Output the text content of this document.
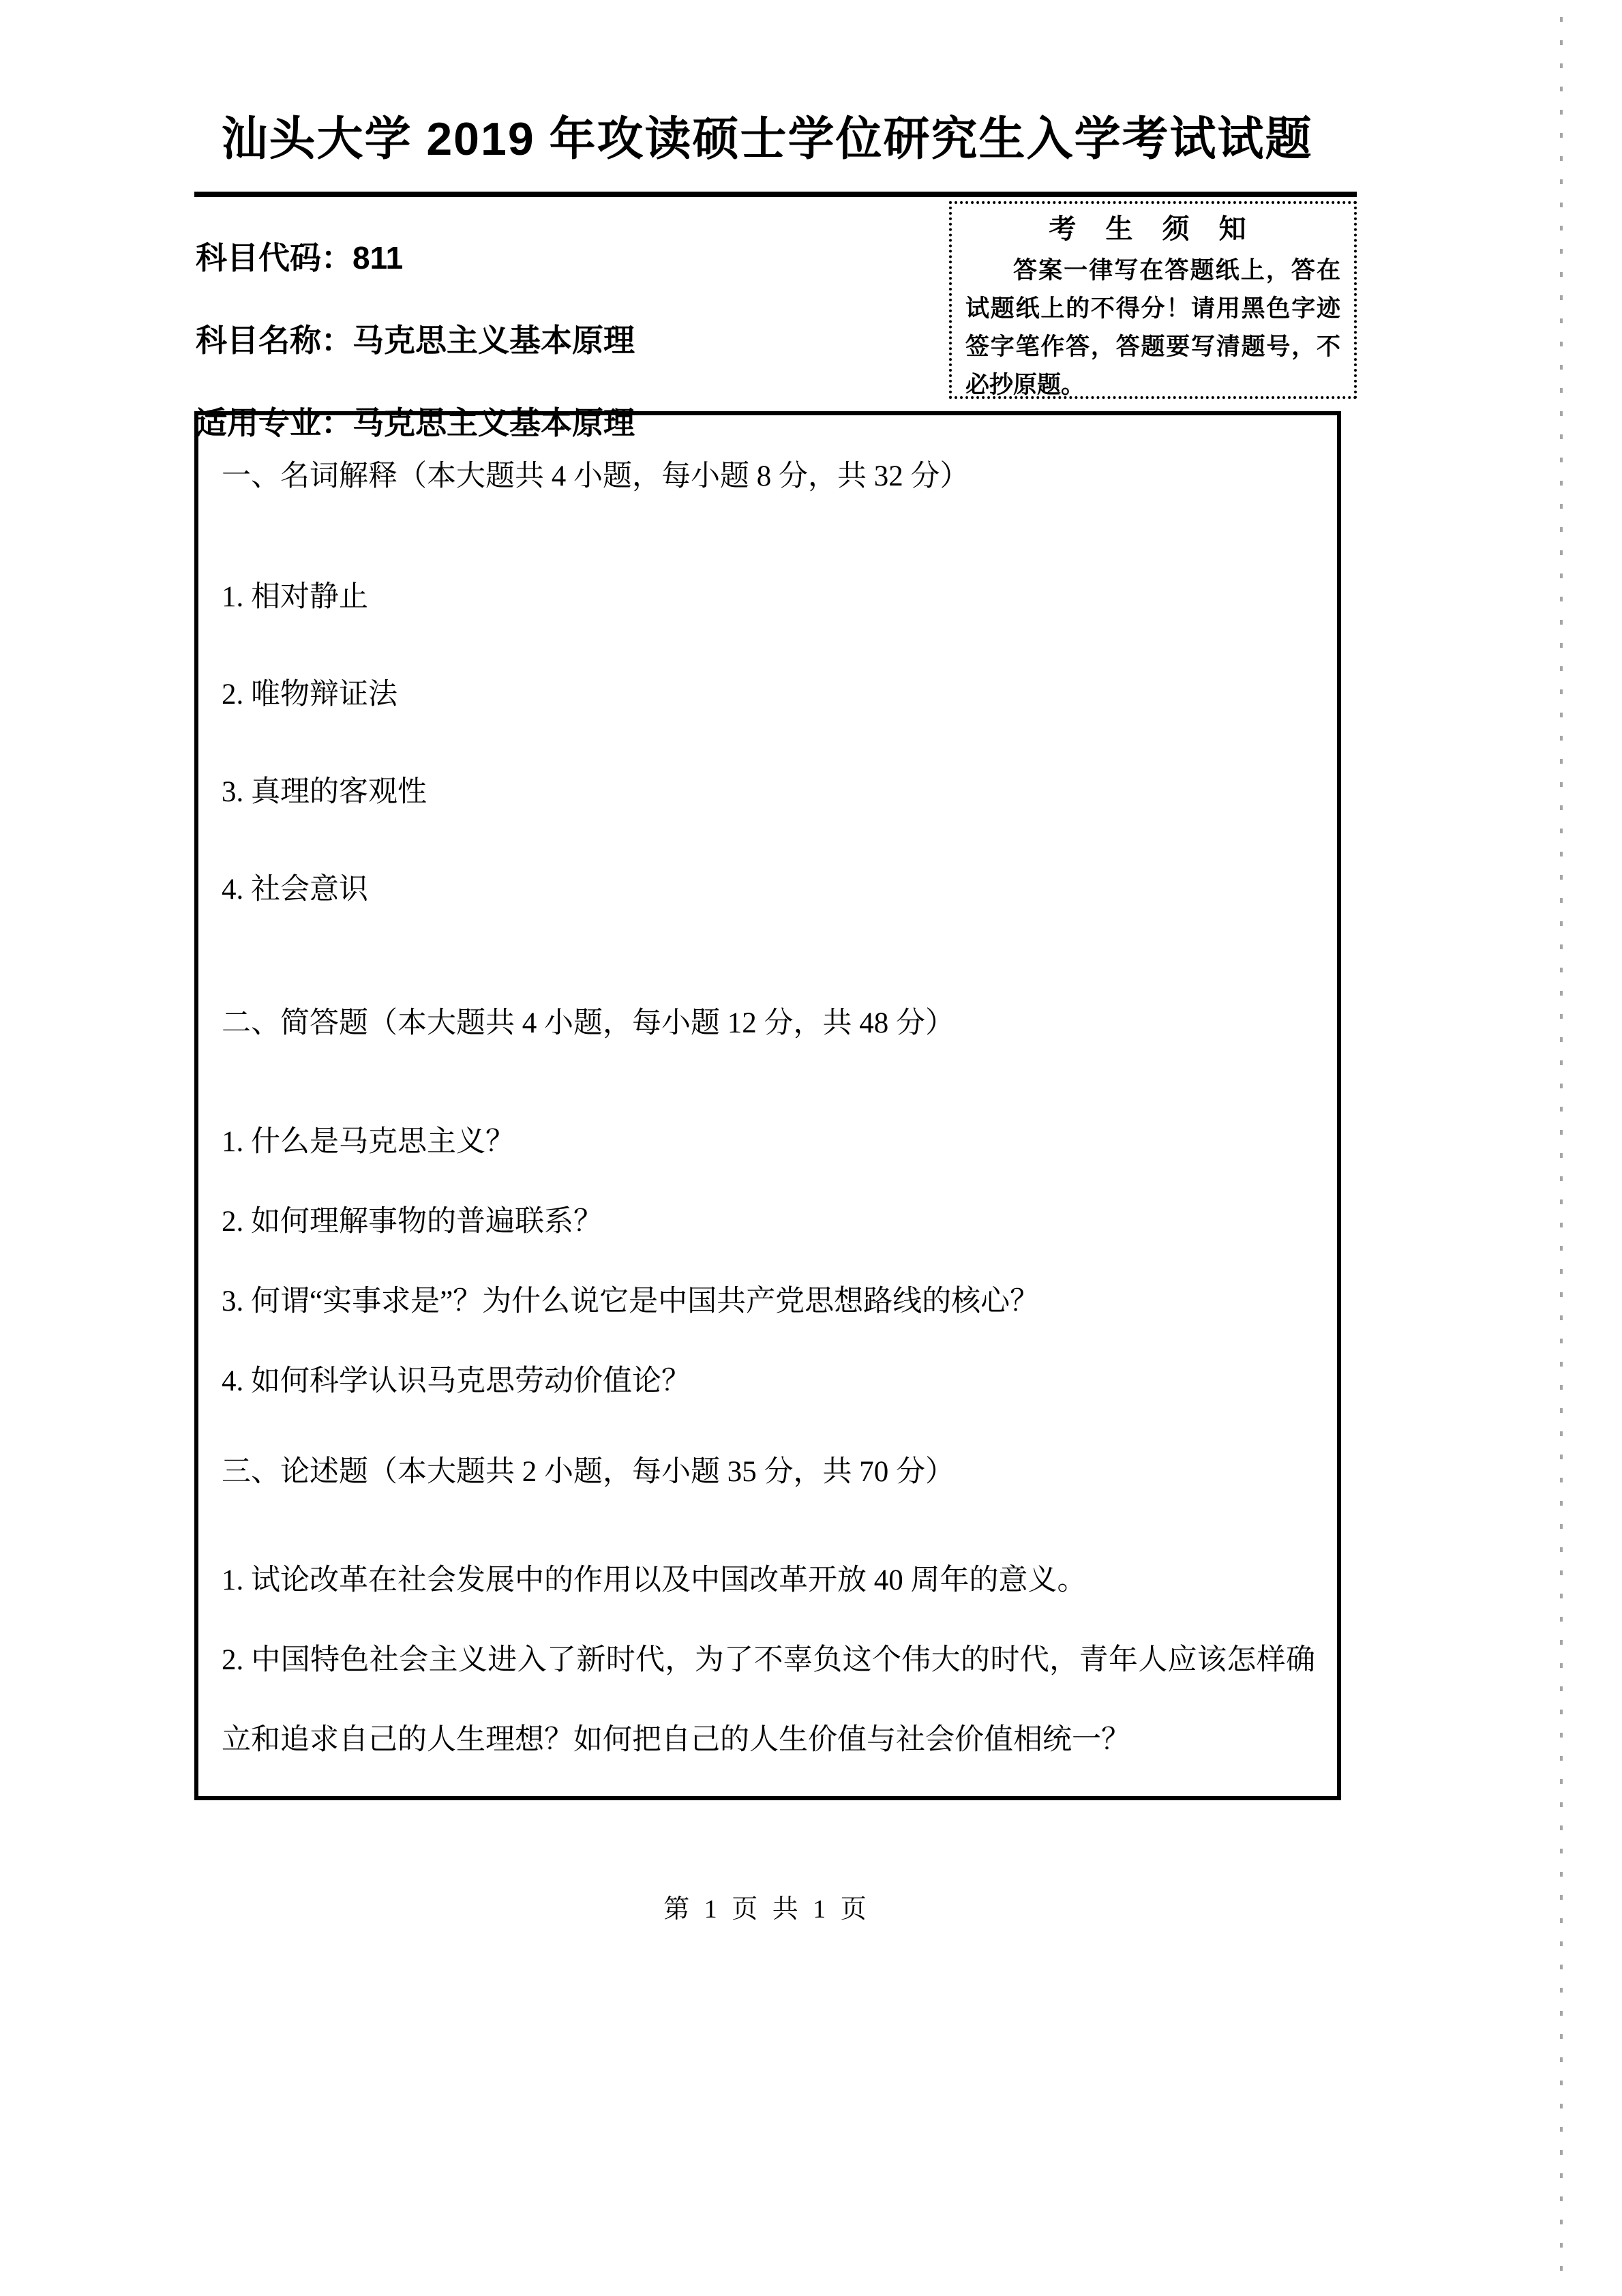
汕头大学 2019 年攻读硕士学位研究生入学考试试题
科目代码：811
科目名称：马克思主义基本原理
适用专业：马克思主义基本原理
考 生 须 知
答案一律写在答题纸上，答在试题纸上的不得分！请用黑色字迹签字笔作答，答题要写清题号，不必抄原题。
一、名词解释（本大题共 4 小题，每小题 8 分，共 32 分）
1. 相对静止
2. 唯物辩证法
3. 真理的客观性
4. 社会意识
二、简答题（本大题共 4 小题，每小题 12 分，共 48 分）
1. 什么是马克思主义？
2. 如何理解事物的普遍联系？
3. 何谓“实事求是”？为什么说它是中国共产党思想路线的核心？
4. 如何科学认识马克思劳动价值论？
三、论述题（本大题共 2 小题，每小题 35 分，共 70 分）
1. 试论改革在社会发展中的作用以及中国改革开放 40 周年的意义。
2. 中国特色社会主义进入了新时代，为了不辜负这个伟大的时代，青年人应该怎样确立和追求自己的人生理想？如何把自己的人生价值与社会价值相统一？
第 1 页 共 1 页
